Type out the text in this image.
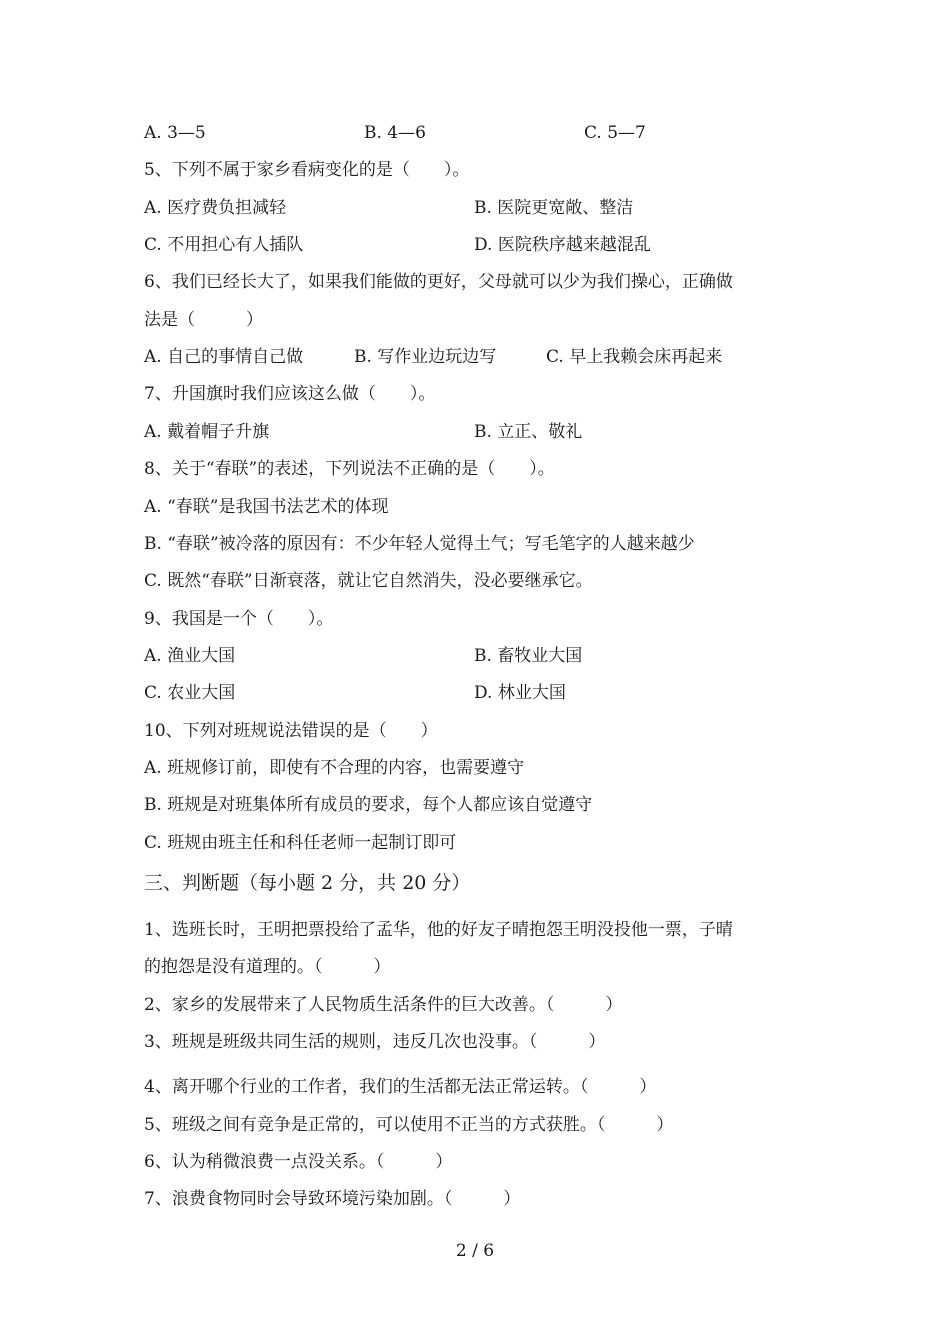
A. 3—5	B. 4—6	C. 5—7
5、下列不属于家乡看病变化的是（　　）。
A. 医疗费负担减轻	B. 医院更宽敞、整洁
C. 不用担心有人插队	D. 医院秩序越来越混乱
6、我们已经长大了，如果我们能做的更好，父母就可以少为我们操心，正确做
法是（　　　）
A. 自己的事情自己做	B. 写作业边玩边写	C. 早上我赖会床再起来
7、升国旗时我们应该这么做（　　）。
A. 戴着帽子升旗	B. 立正、敬礼
8、关于“春联”的表述，下列说法不正确的是（　　）。
A. “春联”是我国书法艺术的体现
B. “春联”被冷落的原因有：不少年轻人觉得土气；写毛笔字的人越来越少
C. 既然“春联”日渐衰落，就让它自然消失，没必要继承它。
9、我国是一个（　　）。
A. 渔业大国	B. 畜牧业大国
C. 农业大国	D. 林业大国
10、下列对班规说法错误的是（　　）
A. 班规修订前，即使有不合理的内容，也需要遵守
B. 班规是对班集体所有成员的要求，每个人都应该自觉遵守
C. 班规由班主任和科任老师一起制订即可
三、判断题（每小题 2 分，共 20 分）
1、选班长时，王明把票投给了孟华，他的好友子晴抱怨王明没投他一票，子晴
的抱怨是没有道理的。（　　　）
2、家乡的发展带来了人民物质生活条件的巨大改善。（　　　）
3、班规是班级共同生活的规则，违反几次也没事。（　　　）
4、离开哪个行业的工作者，我们的生活都无法正常运转。（　　　）
5、班级之间有竞争是正常的，可以使用不正当的方式获胜。（　　　）
6、认为稍微浪费一点没关系。（　　　）
7、浪费食物同时会导致环境污染加剧。（　　　）
2 / 6
